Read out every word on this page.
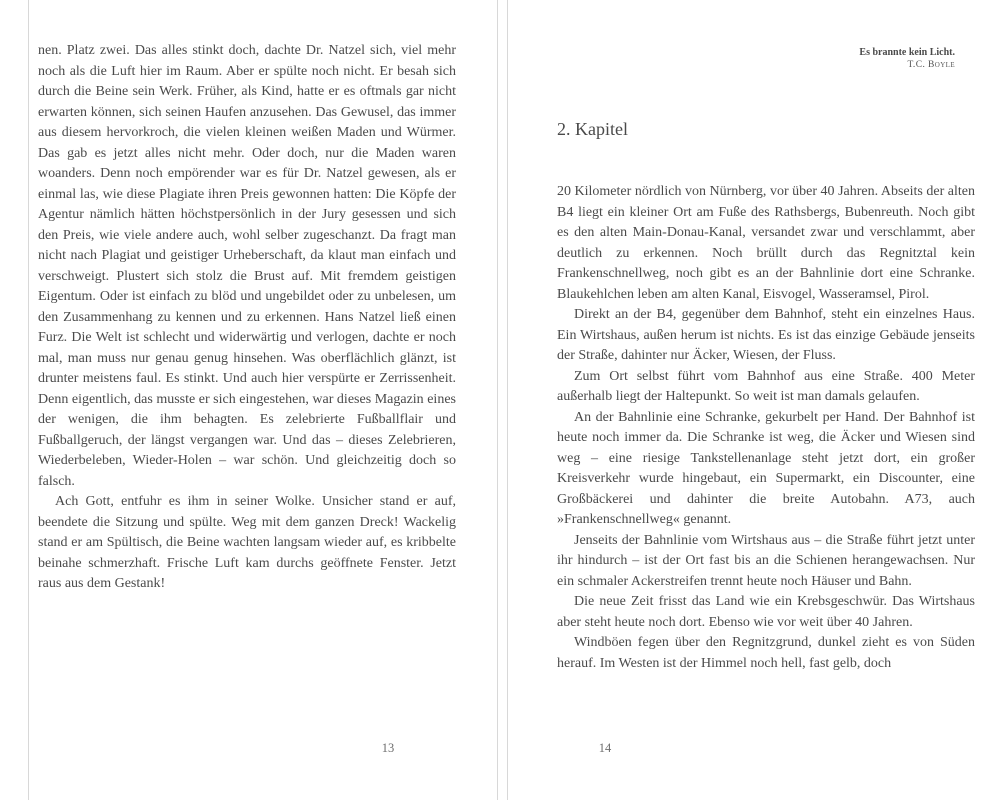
nen. Platz zwei. Das alles stinkt doch, dachte Dr. Natzel sich, viel mehr noch als die Luft hier im Raum. Aber er spülte noch nicht. Er besah sich durch die Beine sein Werk. Früher, als Kind, hatte er es oftmals gar nicht erwarten können, sich seinen Haufen anzusehen. Das Gewusel, das immer aus diesem hervorkroch, die vielen kleinen weißen Maden und Würmer. Das gab es jetzt alles nicht mehr. Oder doch, nur die Maden waren woanders. Denn noch empörender war es für Dr. Natzel gewesen, als er einmal las, wie diese Plagiate ihren Preis gewonnen hatten: Die Köpfe der Agentur nämlich hätten höchstpersönlich in der Jury gesessen und sich den Preis, wie viele andere auch, wohl selber zugeschanzt. Da fragt man nicht nach Plagiat und geistiger Urheberschaft, da klaut man einfach und verschweigt. Plustert sich stolz die Brust auf. Mit fremdem geistigen Eigentum. Oder ist einfach zu blöd und ungebildet oder zu unbelesen, um den Zusammenhang zu kennen und zu erkennen. Hans Natzel ließ einen Furz. Die Welt ist schlecht und widerwärtig und verlogen, dachte er noch mal, man muss nur genau genug hinsehen. Was oberflächlich glänzt, ist drunter meistens faul. Es stinkt. Und auch hier verspürte er Zerrissenheit. Denn eigentlich, das musste er sich eingestehen, war dieses Magazin eines der wenigen, die ihm behagten. Es zelebrierte Fußballflair und Fußballgeruch, der längst vergangen war. Und das – dieses Zelebrieren, Wiederbeleben, Wieder-Holen – war schön. Und gleichzeitig doch so falsch.

Ach Gott, entfuhr es ihm in seiner Wolke. Unsicher stand er auf, beendete die Sitzung und spülte. Weg mit dem ganzen Dreck! Wackelig stand er am Spültisch, die Beine wachten langsam wieder auf, es kribbelte beinahe schmerzhaft. Frische Luft kam durchs geöffnete Fenster. Jetzt raus aus dem Gestank!

13
Es brannte kein Licht.
T.C. Boyle
2. Kapitel

20 Kilometer nördlich von Nürnberg, vor über 40 Jahren. Abseits der alten B4 liegt ein kleiner Ort am Fuße des Rathsbergs, Bubenreuth. Noch gibt es den alten Main-Donau-Kanal, versandet zwar und verschlammt, aber deutlich zu erkennen. Noch brüllt durch das Regnitztal kein Frankenschnellweg, noch gibt es an der Bahnlinie dort eine Schranke. Blaukehlchen leben am alten Kanal, Eisvogel, Wasseramsel, Pirol.

Direkt an der B4, gegenüber dem Bahnhof, steht ein einzelnes Haus. Ein Wirtshaus, außen herum ist nichts. Es ist das einzige Gebäude jenseits der Straße, dahinter nur Äcker, Wiesen, der Fluss.

Zum Ort selbst führt vom Bahnhof aus eine Straße. 400 Meter außerhalb liegt der Haltepunkt. So weit ist man damals gelaufen.

An der Bahnlinie eine Schranke, gekurbelt per Hand. Der Bahnhof ist heute noch immer da. Die Schranke ist weg, die Äcker und Wiesen sind weg – eine riesige Tankstellenanlage steht jetzt dort, ein großer Kreisverkehr wurde hingebaut, ein Supermarkt, ein Discounter, eine Großbäckerei und dahinter die breite Autobahn. A73, auch »Frankenschnellweg« genannt.

Jenseits der Bahnlinie vom Wirtshaus aus – die Straße führt jetzt unter ihr hindurch – ist der Ort fast bis an die Schienen herangewachsen. Nur ein schmaler Ackerstreifen trennt heute noch Häuser und Bahn.

Die neue Zeit frisst das Land wie ein Krebsgeschwür. Das Wirtshaus aber steht heute noch dort. Ebenso wie vor weit über 40 Jahren.

Windböen fegen über den Regnitzgrund, dunkel zieht es von Süden herauf. Im Westen ist der Himmel noch hell, fast gelb, doch

14
